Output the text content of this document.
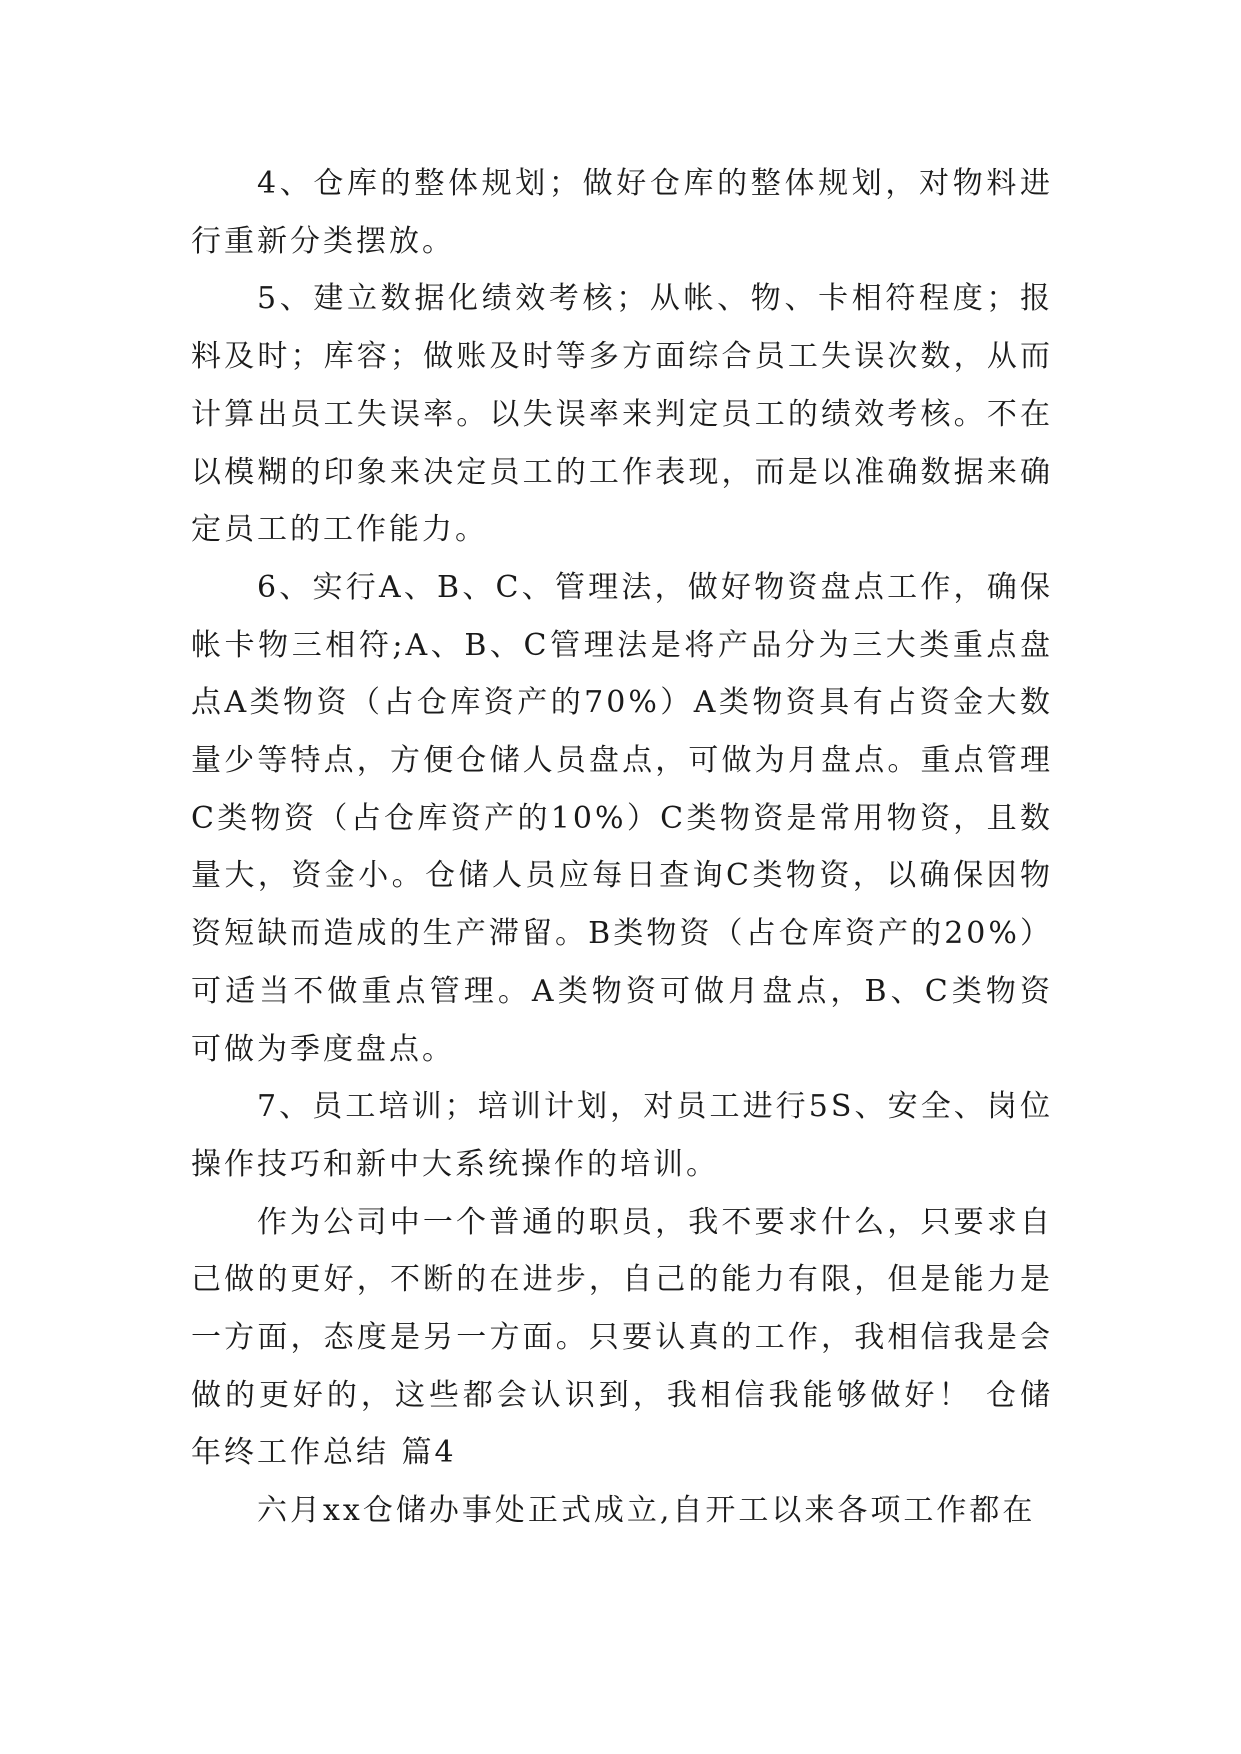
4、仓库的整体规划；做好仓库的整体规划，对物料进行重新分类摆放。

5、建立数据化绩效考核；从帐、物、卡相符程度；报料及时；库容；做账及时等多方面综合员工失误次数，从而计算出员工失误率。以失误率来判定员工的绩效考核。不在以模糊的印象来决定员工的工作表现，而是以准确数据来确定员工的工作能力。

6、实行A、B、C、管理法，做好物资盘点工作，确保帐卡物三相符;A、B、C管理法是将产品分为三大类重点盘点A类物资（占仓库资产的70%）A类物资具有占资金大数量少等特点，方便仓储人员盘点，可做为月盘点。重点管理C类物资（占仓库资产的10%）C类物资是常用物资，且数量大，资金小。仓储人员应每日查询C类物资，以确保因物资短缺而造成的生产滞留。B类物资（占仓库资产的20%）可适当不做重点管理。A类物资可做月盘点，B、C类物资可做为季度盘点。

7、员工培训；培训计划，对员工进行5S、安全、岗位操作技巧和新中大系统操作的培训。

作为公司中一个普通的职员，我不要求什么，只要求自己做的更好，不断的在进步，自己的能力有限，但是能力是一方面，态度是另一方面。只要认真的工作，我相信我是会做的更好的，这些都会认识到，我相信我能够做好！ 仓储年终工作总结 篇4

六月xx仓储办事处正式成立,自开工以来各项工作都在
